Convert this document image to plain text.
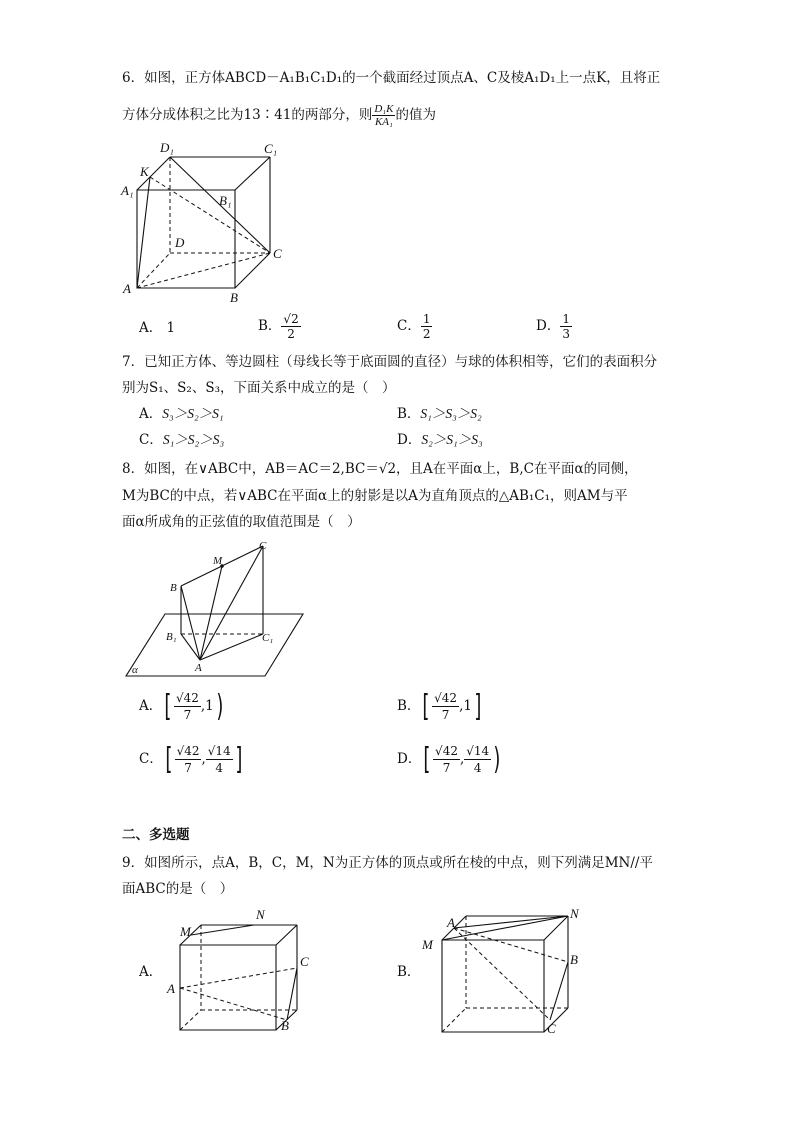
6．如图，正方体ABCD－A₁B₁C₁D₁的一个截面经过顶点A、C及棱A₁D₁上一点K，且将正
方体分成体积之比为13∶41的两部分，则 $\frac{\text{D₁K}}{\text{KA₁}}$ 的值为
D₁	C₁
K
A₁
B₁
D
C
A
B
A． 1	B． $\frac{√2}{2}$	C． $\frac{1}{2}$	D． $\frac{1}{3}$
7．已知正方体、等边圆柱（母线长等于底面圆的直径）与球的体积相等，它们的表面积分
别为S₁、S₂、S₃，下面关系中成立的是（　）
A．S₃＞S₂＞S₁	B．S₁＞S₃＞S₂
C．S₁＞S₂＞S₃	D．S₂＞S₁＞S₃
8．如图，在∨ABC中，AB＝AC＝2,BC＝√2，且A在平面α上，B,C在平面α的同侧，
M为BC的中点，若∨ABC在平面α上的射影是以A为直角顶点的△AB₁C₁，则AM与平
面α所成角的正弦值的取值范围是（　）
C
M
B
B₁	C₁
A
α
A．[ $\frac{√42}{7} ,1$)	B．[ $\frac{√42}{7} ,1$]
C．[ $\frac{√42}{7}$ , $\frac{√14}{4}$ ]	D．[ $\frac{√42}{7}$ , $\frac{√14}{4}$ )
二、多选题
9．如图所示，点A，B，C，M，N为正方体的顶点或所在棱的中点，则下列满足MN//平
面ABC的是（　）
A．	B．
M
N
C
A
B
A
N
M
B
C
